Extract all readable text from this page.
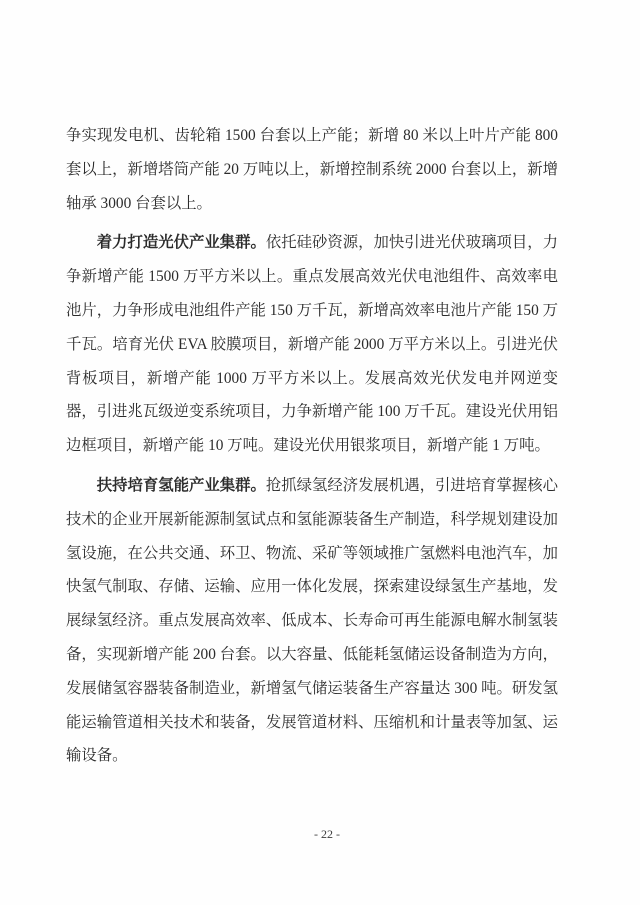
争实现发电机、齿轮箱 1500 台套以上产能；新增 80 米以上叶片产能 800 套以上，新增塔筒产能 20 万吨以上，新增控制系统 2000 台套以上，新增轴承 3000 台套以上。

着力打造光伏产业集群。依托硅砂资源，加快引进光伏玻璃项目，力争新增产能 1500 万平方米以上。重点发展高效光伏电池组件、高效率电池片，力争形成电池组件产能 150 万千瓦，新增高效率电池片产能 150 万千瓦。培育光伏 EVA 胶膜项目，新增产能 2000 万平方米以上。引进光伏背板项目，新增产能 1000 万平方米以上。发展高效光伏发电并网逆变器，引进兆瓦级逆变系统项目，力争新增产能 100 万千瓦。建设光伏用铝边框项目，新增产能 10 万吨。建设光伏用银浆项目，新增产能 1 万吨。

扶持培育氢能产业集群。抢抓绿氢经济发展机遇，引进培育掌握核心技术的企业开展新能源制氢试点和氢能源装备生产制造，科学规划建设加氢设施，在公共交通、环卫、物流、采矿等领域推广氢燃料电池汽车，加快氢气制取、存储、运输、应用一体化发展，探索建设绿氢生产基地，发展绿氢经济。重点发展高效率、低成本、长寿命可再生能源电解水制氢装备，实现新增产能 200 台套。以大容量、低能耗氢储运设备制造为方向，发展储氢容器装备制造业，新增氢气储运装备生产容量达 300 吨。研发氢能运输管道相关技术和装备，发展管道材料、压缩机和计量表等加氢、运输设备。

- 22 -
